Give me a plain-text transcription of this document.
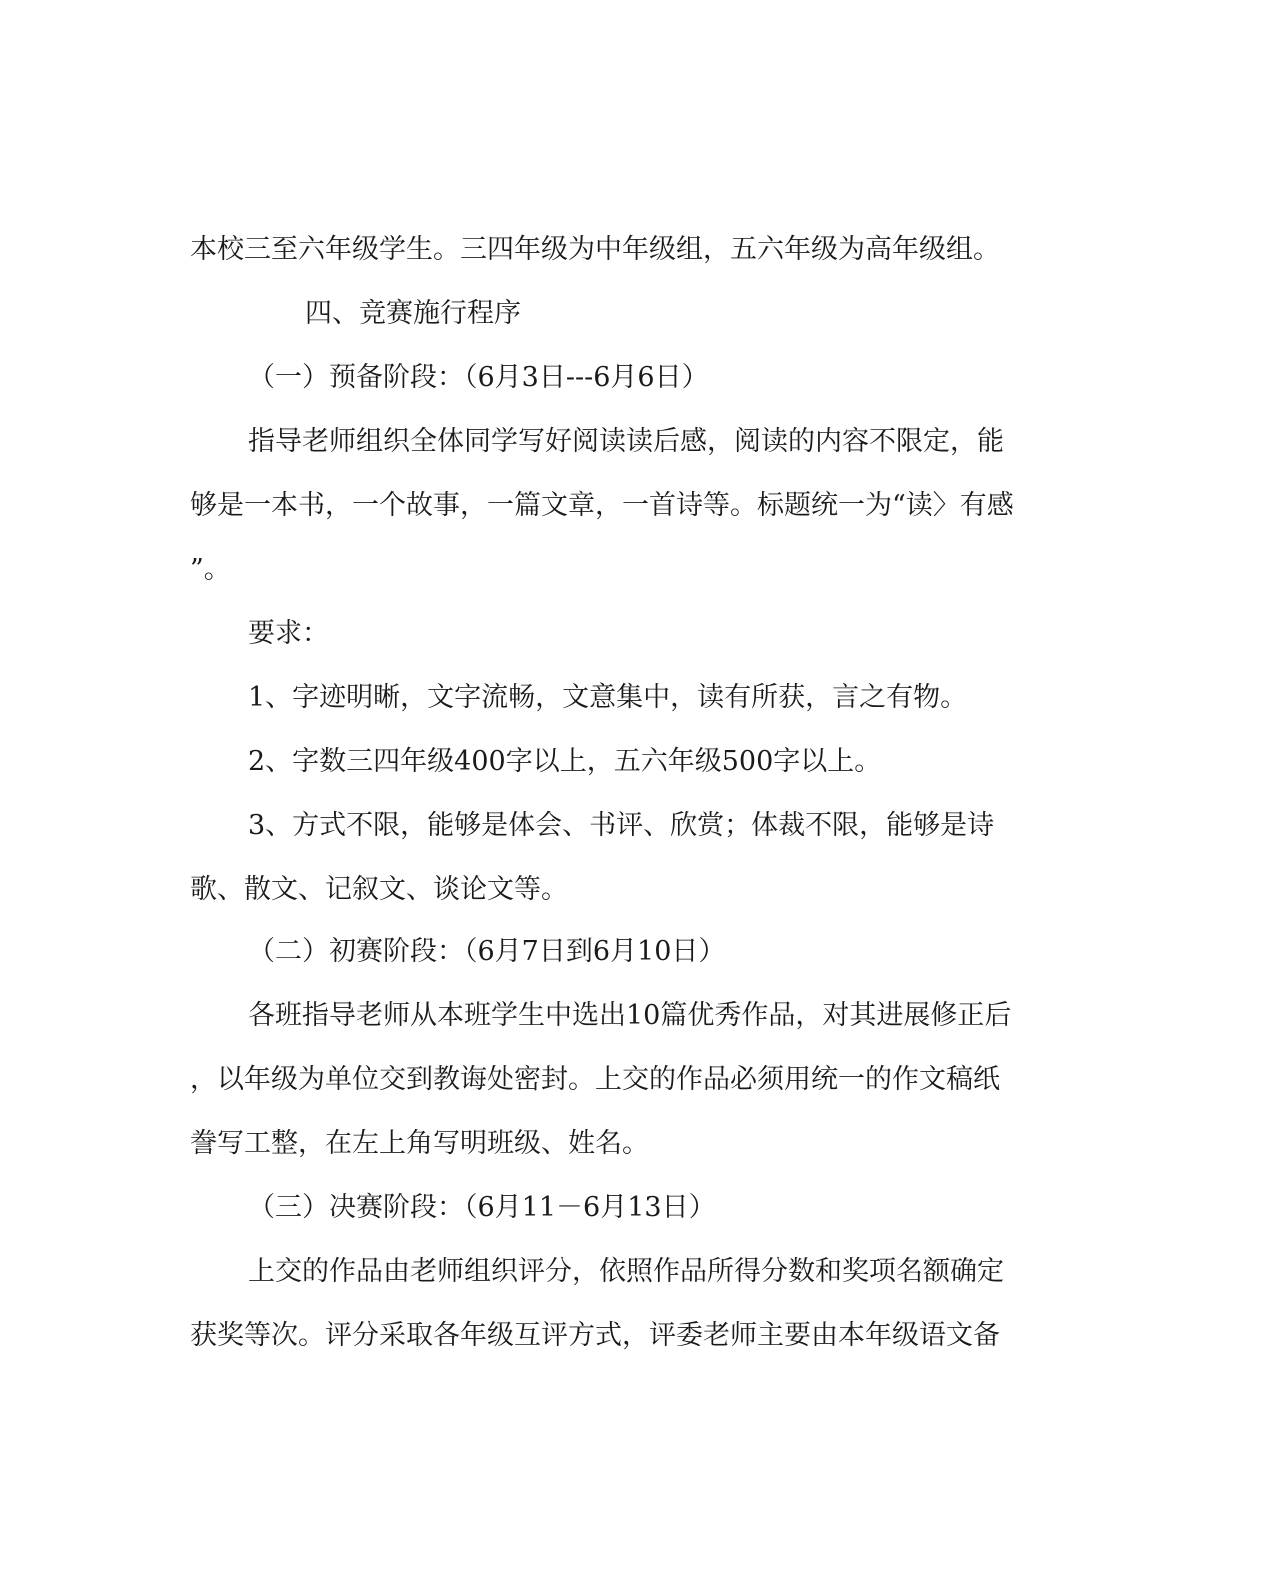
本校三至六年级学生。三四年级为中年级组，五六年级为高年级组。
四、竞赛施行程序
（一）预备阶段：（6月3日---6月6日）
指导老师组织全体同学写好阅读读后感，阅读的内容不限定，能
够是一本书，一个故事，一篇文章，一首诗等。标题统一为“读〉有感
”。
要求：
1、字迹明晰，文字流畅，文意集中，读有所获，言之有物。
2、字数三四年级400字以上，五六年级500字以上。
3、方式不限，能够是体会、书评、欣赏；体裁不限，能够是诗
歌、散文、记叙文、谈论文等。
（二）初赛阶段：（6月7日到6月10日）
各班指导老师从本班学生中选出10篇优秀作品，对其进展修正后
，以年级为单位交到教诲处密封。上交的作品必须用统一的作文稿纸
誊写工整，在左上角写明班级、姓名。
（三）决赛阶段：（6月11－6月13日）
上交的作品由老师组织评分，依照作品所得分数和奖项名额确定
获奖等次。评分采取各年级互评方式，评委老师主要由本年级语文备
